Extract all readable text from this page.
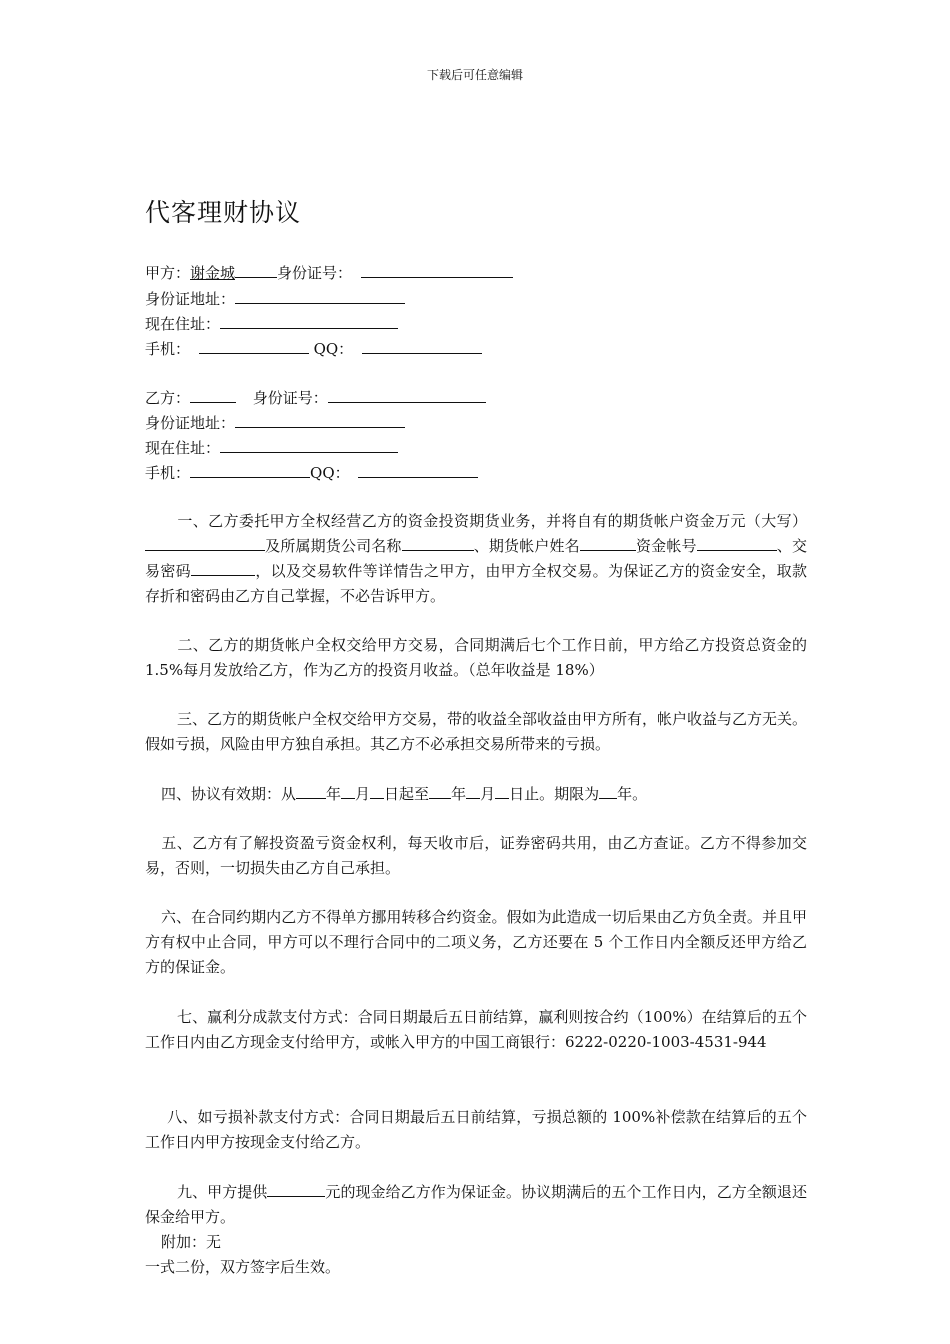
下载后可任意编辑
代客理财协议
甲方：谢金城	身份证号：
身份证地址：
现在住址：
手机：	QQ：
乙方：	身份证号：
身份证地址：
现在住址：
手机：	QQ：
一、乙方委托甲方全权经营乙方的资金投资期货业务，并将自有的期货帐户资金万元（大写）及所属期货公司名称	、期货帐户姓名	资金帐号	、交易密码	，以及交易软件等详情告之甲方，由甲方全权交易。为保证乙方的资金安全，取款存折和密码由乙方自己掌握，不必告诉甲方。
二、乙方的期货帐户全权交给甲方交易，合同期满后七个工作日前，甲方给乙方投资总资金的 1.5%每月发放给乙方，作为乙方的投资月收益。（总年收益是 18%）
三、乙方的期货帐户全权交给甲方交易，带的收益全部收益由甲方所有，帐户收益与乙方无关。假如亏损，风险由甲方独自承担。其乙方不必承担交易所带来的亏损。
四、协议有效期：从 年 月 日起至 年 月 日止。期限为 年。
五、乙方有了解投资盈亏资金权利，每天收市后，证券密码共用，由乙方查证。乙方不得参加交易，否则，一切损失由乙方自己承担。
六、在合同约期内乙方不得单方挪用转移合约资金。假如为此造成一切后果由乙方负全责。并且甲方有权中止合同，甲方可以不理行合同中的二项义务，乙方还要在 5 个工作日内全额反还甲方给乙方的保证金。
七、赢利分成款支付方式：合同日期最后五日前结算，赢利则按合约（100%）在结算后的五个工作日内由乙方现金支付给甲方，或帐入甲方的中国工商银行：6222-0220-1003-4531-944
八、如亏损补款支付方式：合同日期最后五日前结算，亏损总额的 100%补偿款在结算后的五个工作日内甲方按现金支付给乙方。
九、甲方提供	元的现金给乙方作为保证金。协议期满后的五个工作日内，乙方全额退还保金给甲方。
附加：无
一式二份，双方签字后生效。
